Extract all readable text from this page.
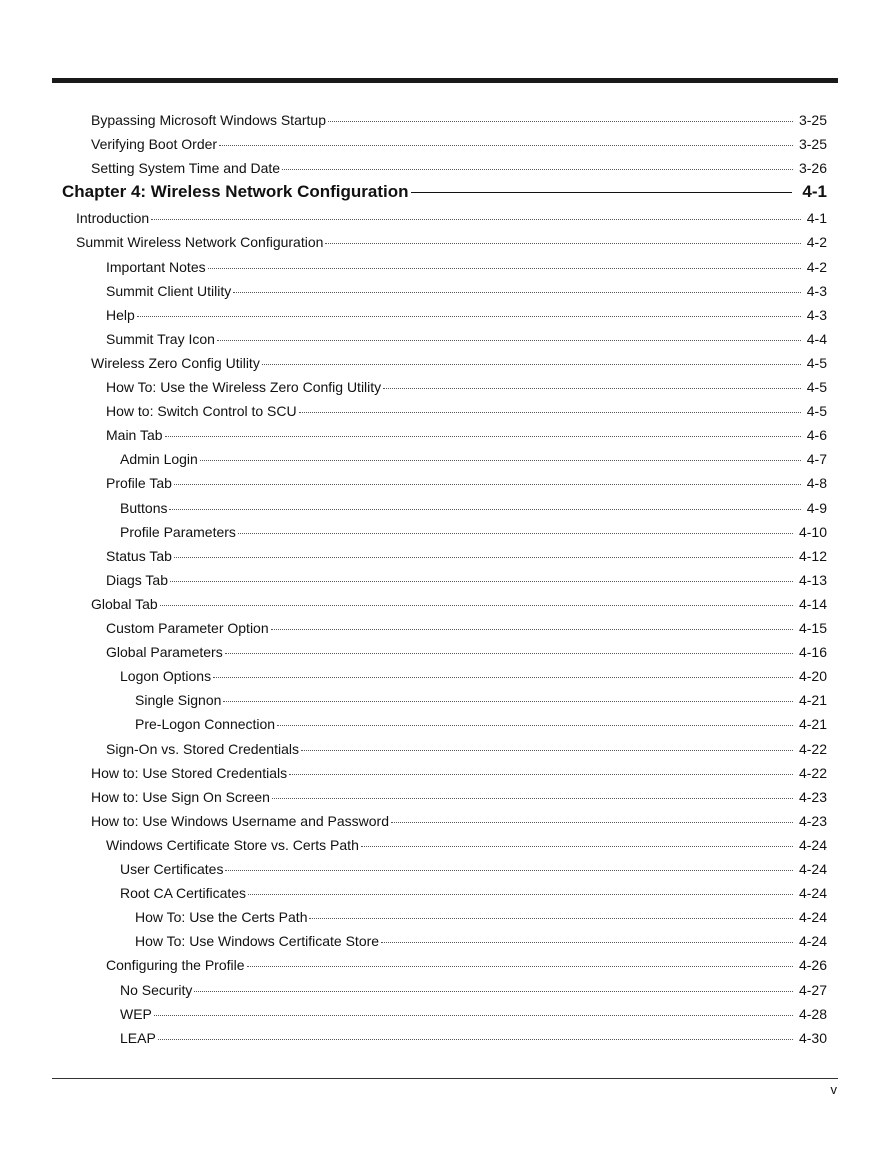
Bypassing Microsoft Windows Startup	3-25
Verifying Boot Order	3-25
Setting System Time and Date	3-26
Chapter 4: Wireless Network Configuration	4-1
Introduction	4-1
Summit Wireless Network Configuration	4-2
Important Notes	4-2
Summit Client Utility	4-3
Help	4-3
Summit Tray Icon	4-4
Wireless Zero Config Utility	4-5
How To: Use the Wireless Zero Config Utility	4-5
How to: Switch Control to SCU	4-5
Main Tab	4-6
Admin Login	4-7
Profile Tab	4-8
Buttons	4-9
Profile Parameters	4-10
Status Tab	4-12
Diags Tab	4-13
Global Tab	4-14
Custom Parameter Option	4-15
Global Parameters	4-16
Logon Options	4-20
Single Signon	4-21
Pre-Logon Connection	4-21
Sign-On vs. Stored Credentials	4-22
How to: Use Stored Credentials	4-22
How to: Use Sign On Screen	4-23
How to: Use Windows Username and Password	4-23
Windows Certificate Store vs. Certs Path	4-24
User Certificates	4-24
Root CA Certificates	4-24
How To: Use the Certs Path	4-24
How To: Use Windows Certificate Store	4-24
Configuring the Profile	4-26
No Security	4-27
WEP	4-28
LEAP	4-30
v
